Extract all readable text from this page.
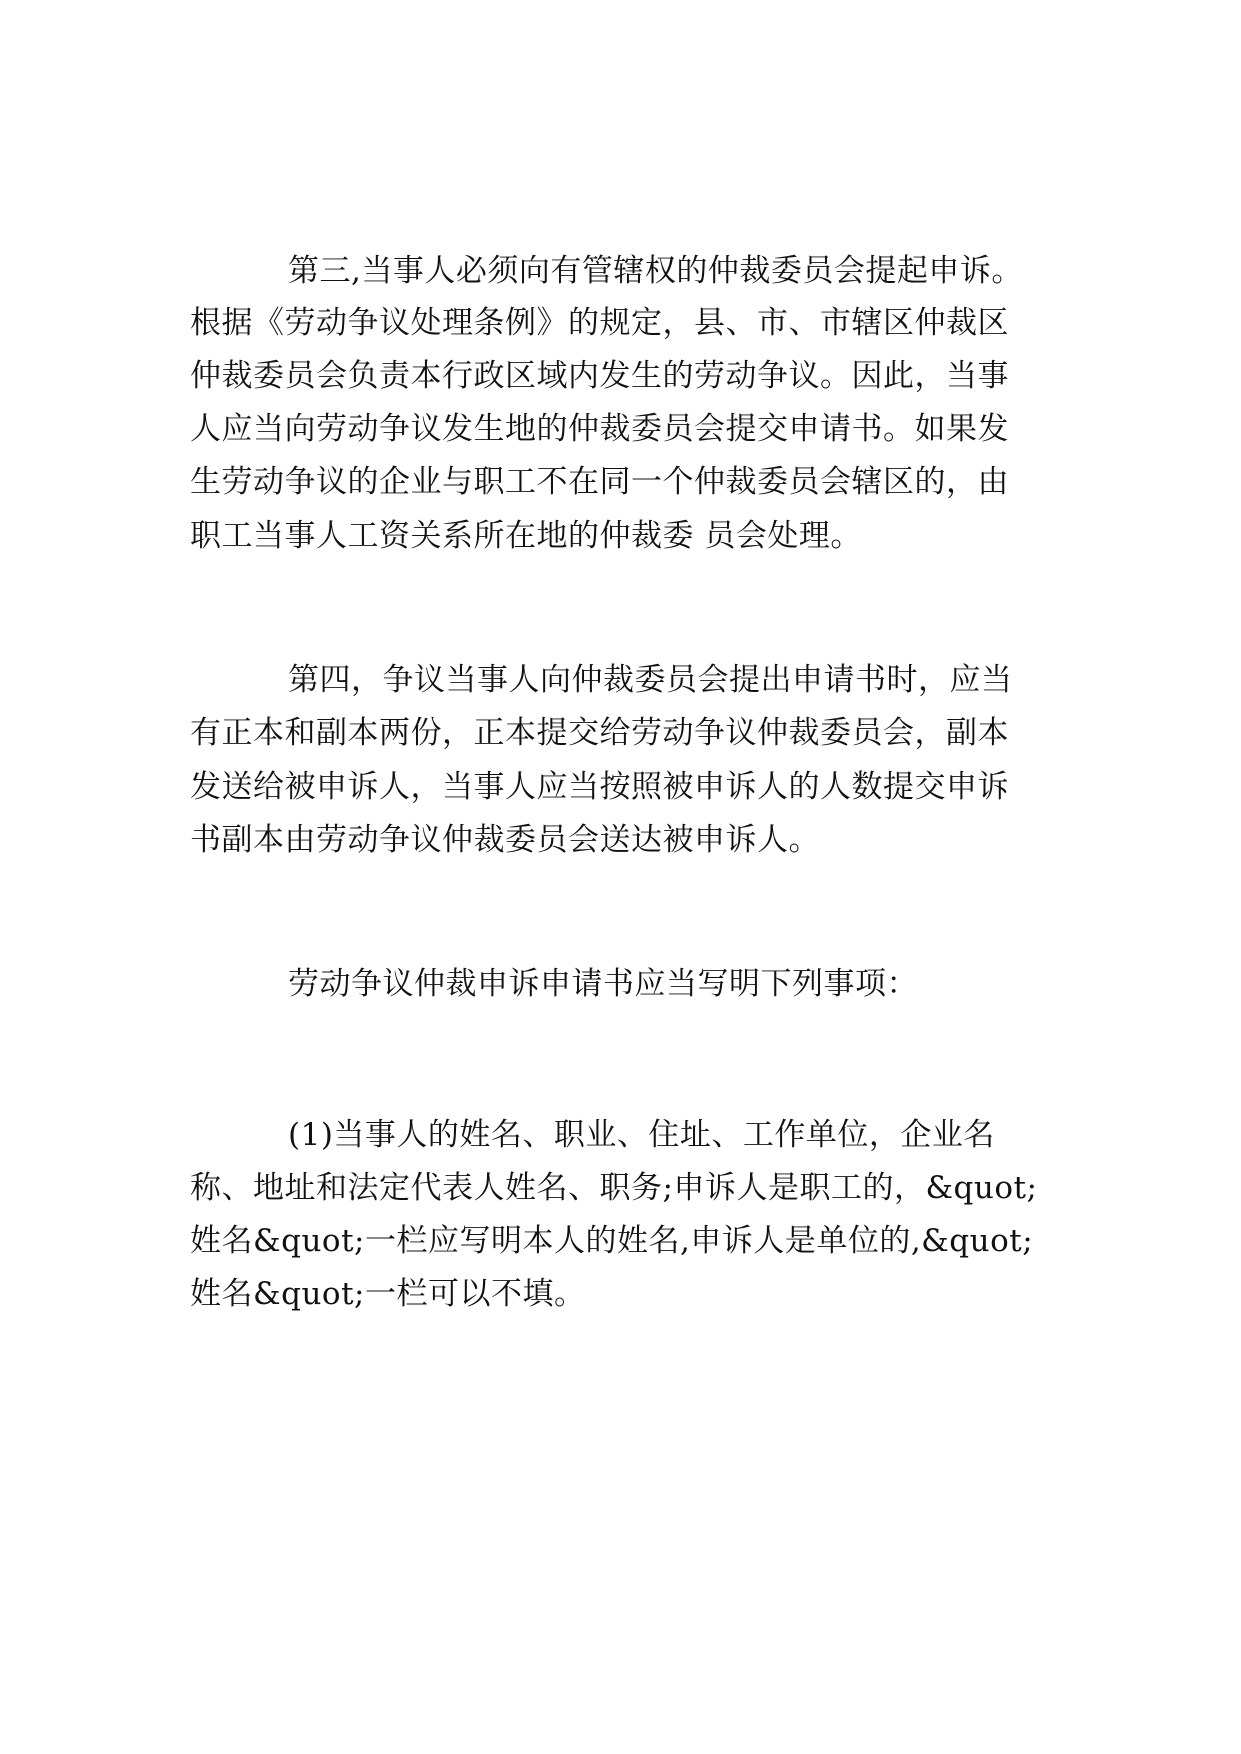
第三,当事人必须向有管辖权的仲裁委员会提起申诉。
根据《劳动争议处理条例》的规定，县、市、市辖区仲裁区
仲裁委员会负责本行政区域内发生的劳动争议。因此，当事
人应当向劳动争议发生地的仲裁委员会提交申请书。如果发
生劳动争议的企业与职工不在同一个仲裁委员会辖区的，由
职工当事人工资关系所在地的仲裁委 员会处理。
第四，争议当事人向仲裁委员会提出申请书时，应当
有正本和副本两份，正本提交给劳动争议仲裁委员会，副本
发送给被申诉人，当事人应当按照被申诉人的人数提交申诉
书副本由劳动争议仲裁委员会送达被申诉人。
劳动争议仲裁申诉申请书应当写明下列事项：
(1)当事人的姓名、职业、住址、工作单位，企业名
称、地址和法定代表人姓名、职务;申诉人是职工的，&quot;
姓名&quot;一栏应写明本人的姓名,申诉人是单位的,&quot;
姓名&quot;一栏可以不填。
